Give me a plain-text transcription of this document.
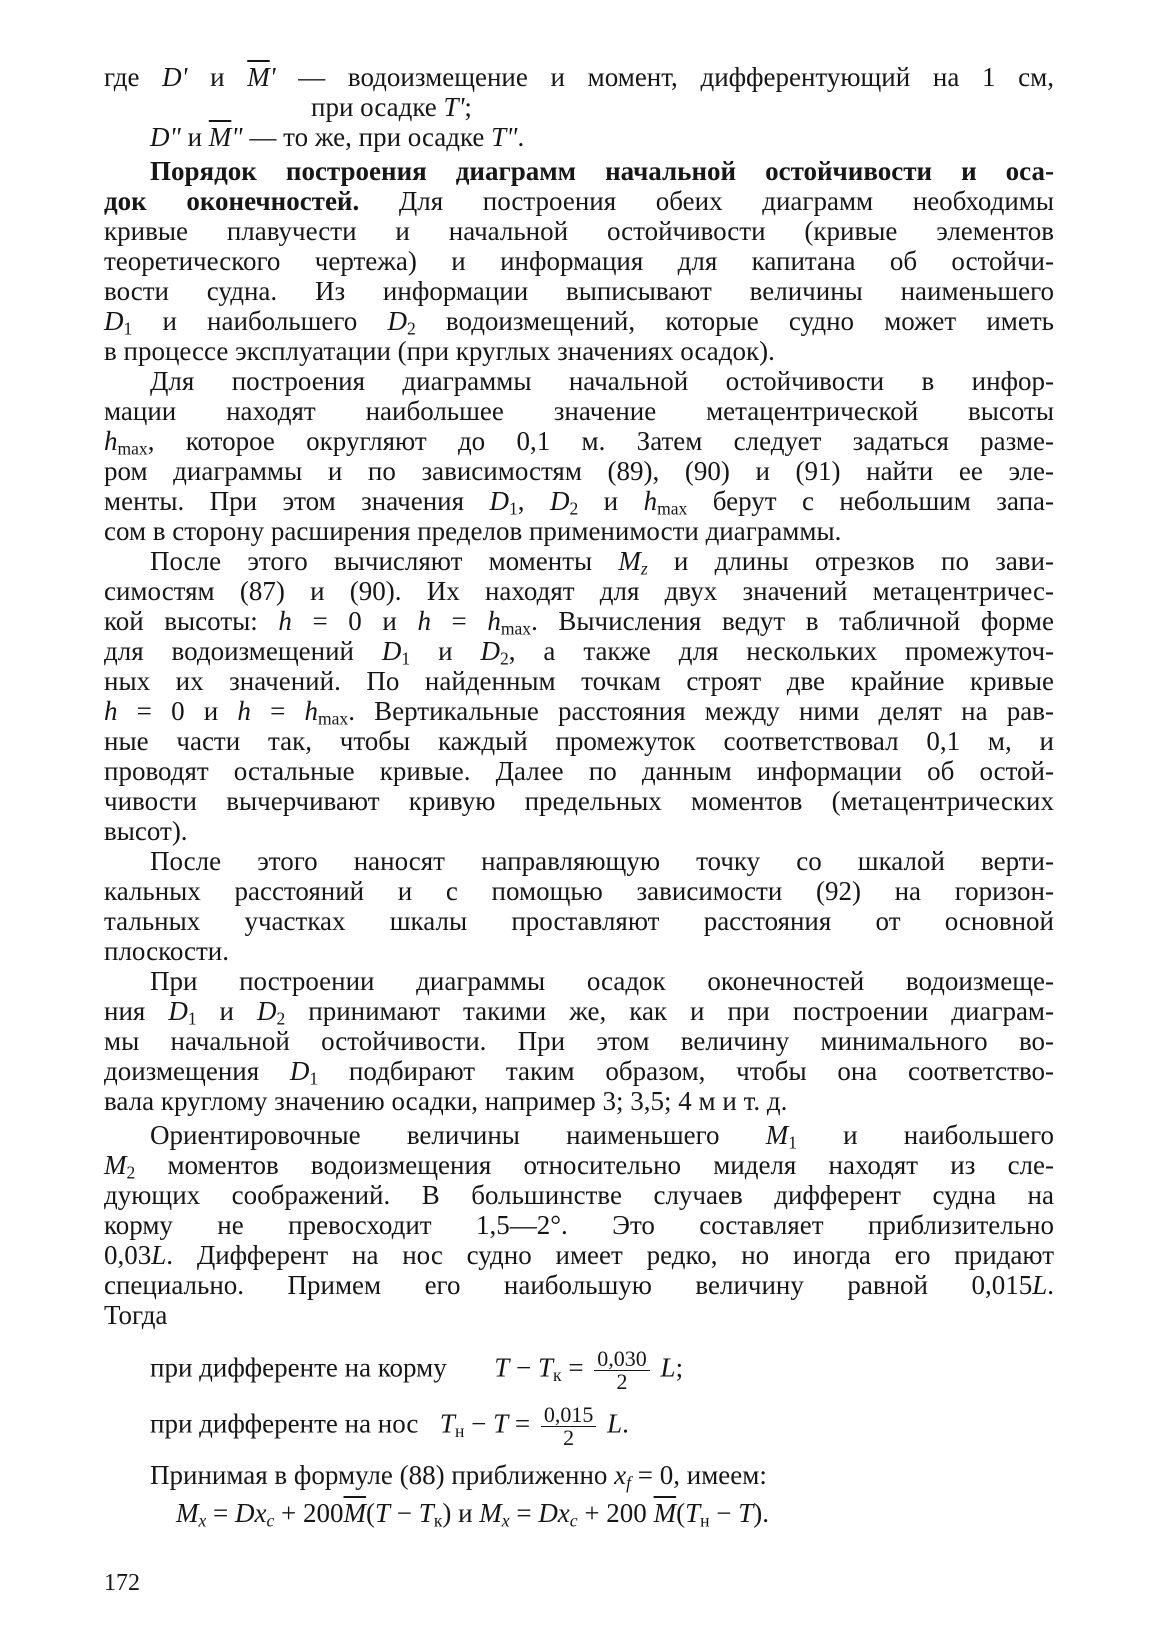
где D' и $\overline{M}'$ — водоизмещение и момент, дифферентующий на 1 см,
при осадке T';
D" и $\overline{M}$" — то же, при осадке T".
Порядок построения диаграмм начальной остойчивости и оса-
док оконечностей. Для построения обеих диаграмм необходимы
кривые плавучести и начальной остойчивости (кривые элементов
теоретического чертежа) и информация для капитана об остойчи-
вости судна. Из информации выписывают величины наименьшего
$D_1$ и наибольшего $D_2$ водоизмещений, которые судно может иметь
в процессе эксплуатации (при круглых значениях осадок).
Для построения диаграммы начальной остойчивости в инфор-
мации находят наибольшее значение метацентрической высоты
$h_{max}$, которое округляют до 0,1 м. Затем следует задаться разме-
ром диаграммы и по зависимостям (89), (90) и (91) найти ее эле-
менты. При этом значения $D_1$, $D_2$ и $h_{max}$ берут с небольшим запа-
сом в сторону расширения пределов применимости диаграммы.
После этого вычисляют моменты $M_z$ и длины отрезков по зави-
симостям (87) и (90). Их находят для двух значений метацентричес-
кой высоты: h = 0 и $h = h_{max}$. Вычисления ведут в табличной форме
для водоизмещений $D_1$ и $D_2$, а также для нескольких промежуточ-
ных их значений. По найденным точкам строят две крайние кривые
h = 0 и $h = h_{max}$. Вертикальные расстояния между ними делят на рав-
ные части так, чтобы каждый промежуток соответствовал 0,1 м, и
проводят остальные кривые. Далее по данным информации об остой-
чивости вычерчивают кривую предельных моментов (метацентрических
высот).
После этого наносят направляющую точку со шкалой верти-
кальных расстояний и с помощью зависимости (92) на горизон-
тальных участках шкалы проставляют расстояния от основной
плоскости.
При построении диаграммы осадок оконечностей водоизмеще-
ния $D_1$ и $D_2$ принимают такими же, как и при построении диаграм-
мы начальной остойчивости. При этом величину минимального во-
доизмещения $D_1$ подбирают таким образом, чтобы она соответство-
вала круглому значению осадки, например 3; 3,5; 4 м и т. д.
Ориентировочные величины наименьшего $M_1$ и наибольшего
$M_2$ моментов водоизмещения относительно миделя находят из сле-
дующих соображений. В большинстве случаев дифферент судна на
корму не превосходит 1,5—2°. Это составляет приблизительно
0,03L. Дифферент на нос судно имеет редко, но иногда его придают
специально. Примем его наибольшую величину равной 0,015L.
Тогда
при дифференте на корму $T - T_к = \frac{0,030}{2} L$;
при дифференте на нос $T_н - T = \frac{0,015}{2} L$.
Принимая в формуле (88) приближенно $x_f = 0$, имеем:
$M_x = Dx_c + 200\overline{M}(T - T_к)$ и $M_x = Dx_c + 200$ $\overline{M}(T_н - T)$.
172
